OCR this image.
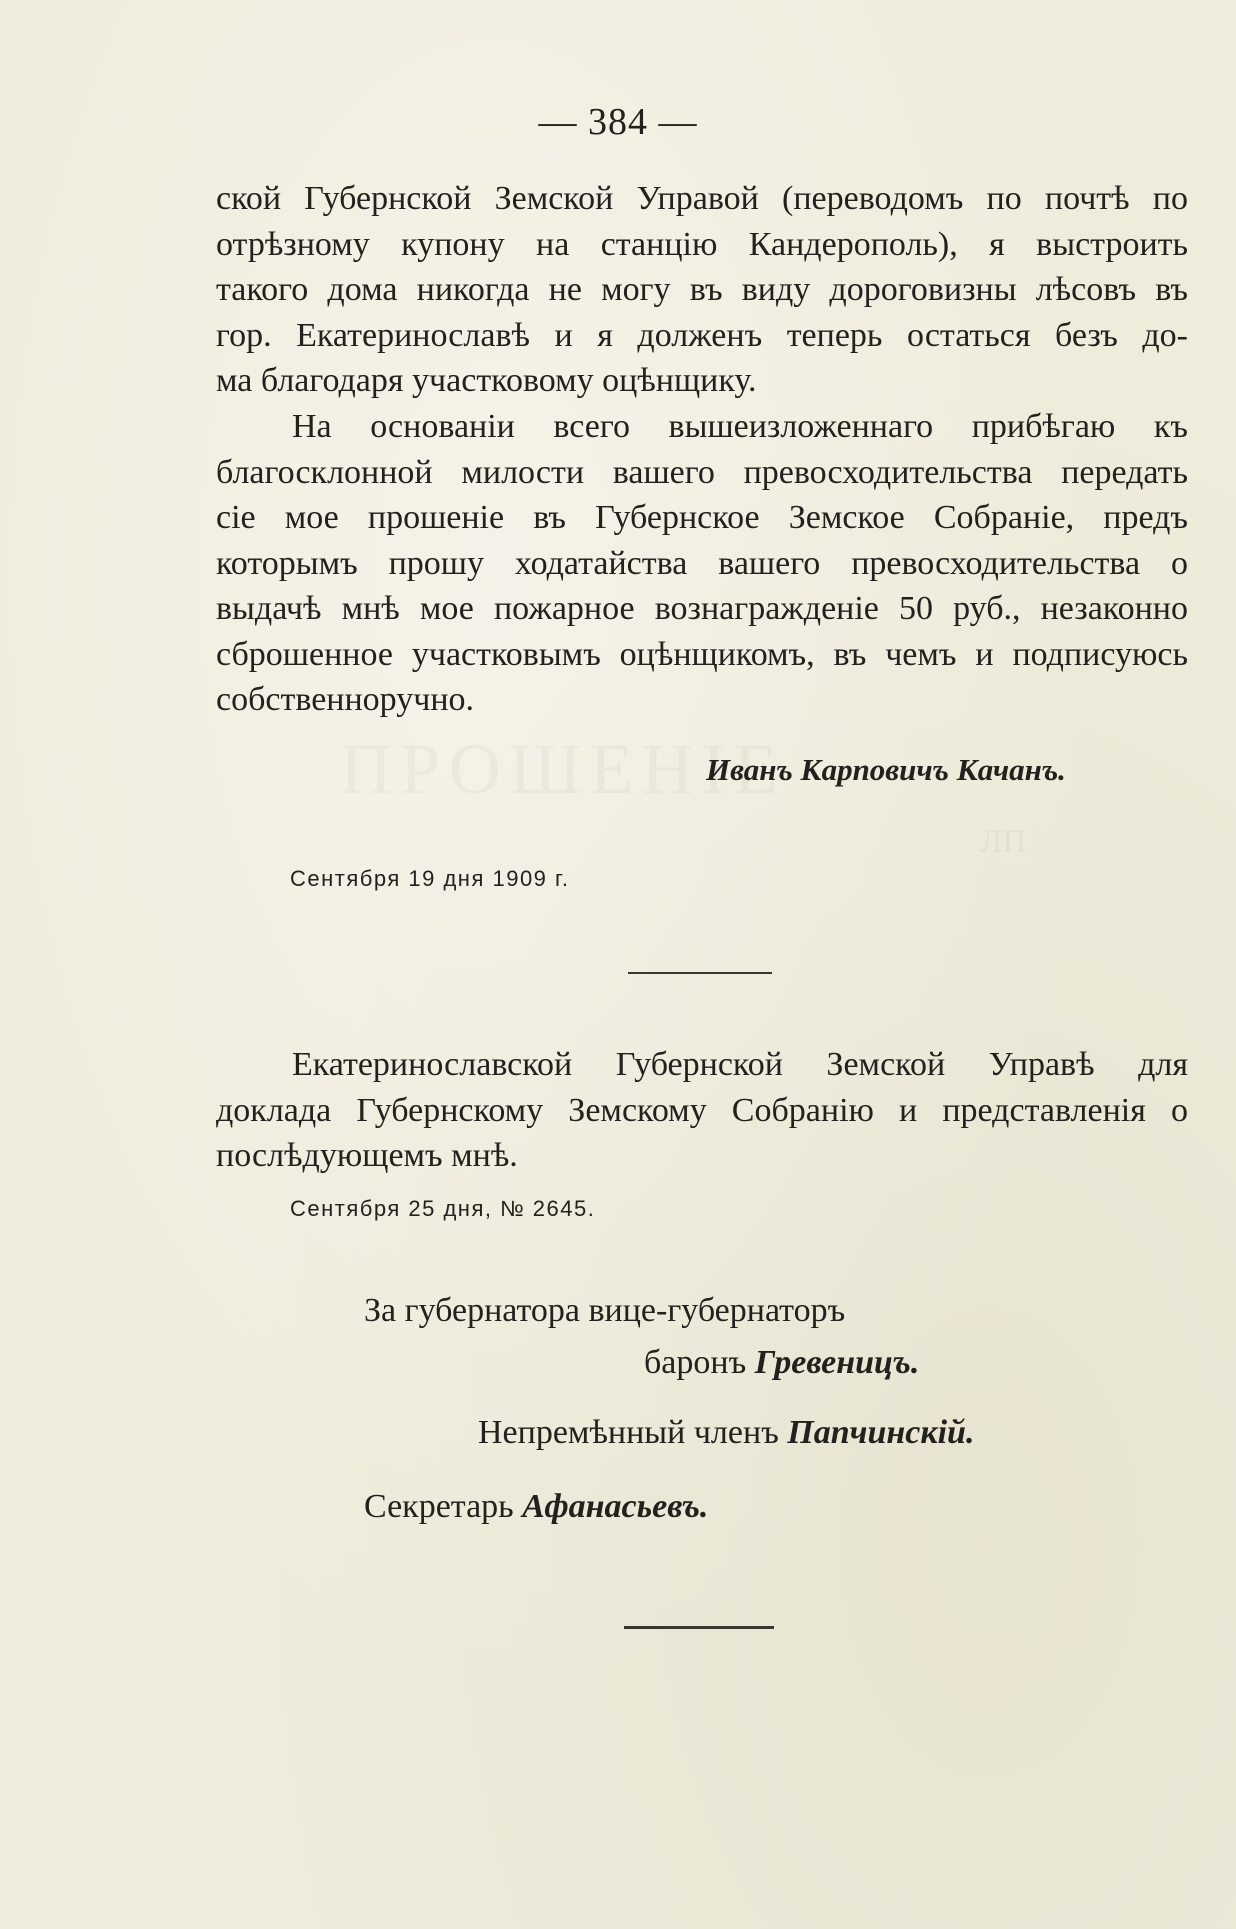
ПРОШЕНІЕ
ЛП
— 384 —
ской Губернской Земской Управой (переводомъ по почтѣ по
отрѣзному купону на станцію Кандерополь), я выстроить
такого дома никогда не могу въ виду дороговизны лѣсовъ въ
гор. Екатеринославѣ и я долженъ теперь остаться безъ до-
ма благодаря участковому оцѣнщику.
На основаніи всего вышеизложеннаго прибѣгаю къ
благосклонной милости вашего превосходительства передать
сіе мое прошеніе въ Губернское Земское Собраніе, предъ
которымъ прошу ходатайства вашего превосходительства о
выдачѣ мнѣ мое пожарное вознагражденіе 50 руб., незаконно
сброшенное участковымъ оцѣнщикомъ, въ чемъ и подписуюсь
собственноручно.
Иванъ Карповичъ Качанъ.
Сентября 19 дня 1909 г.
Екатеринославской Губернской Земской Управѣ для
доклада Губернскому Земскому Собранію и представленія о
послѣдующемъ мнѣ.
Сентября 25 дня, № 2645.
За губернатора вице-губернаторъ
баронъ Гревеницъ.
Непремѣнный членъ Папчинскій.
Секретарь Афанасьевъ.
